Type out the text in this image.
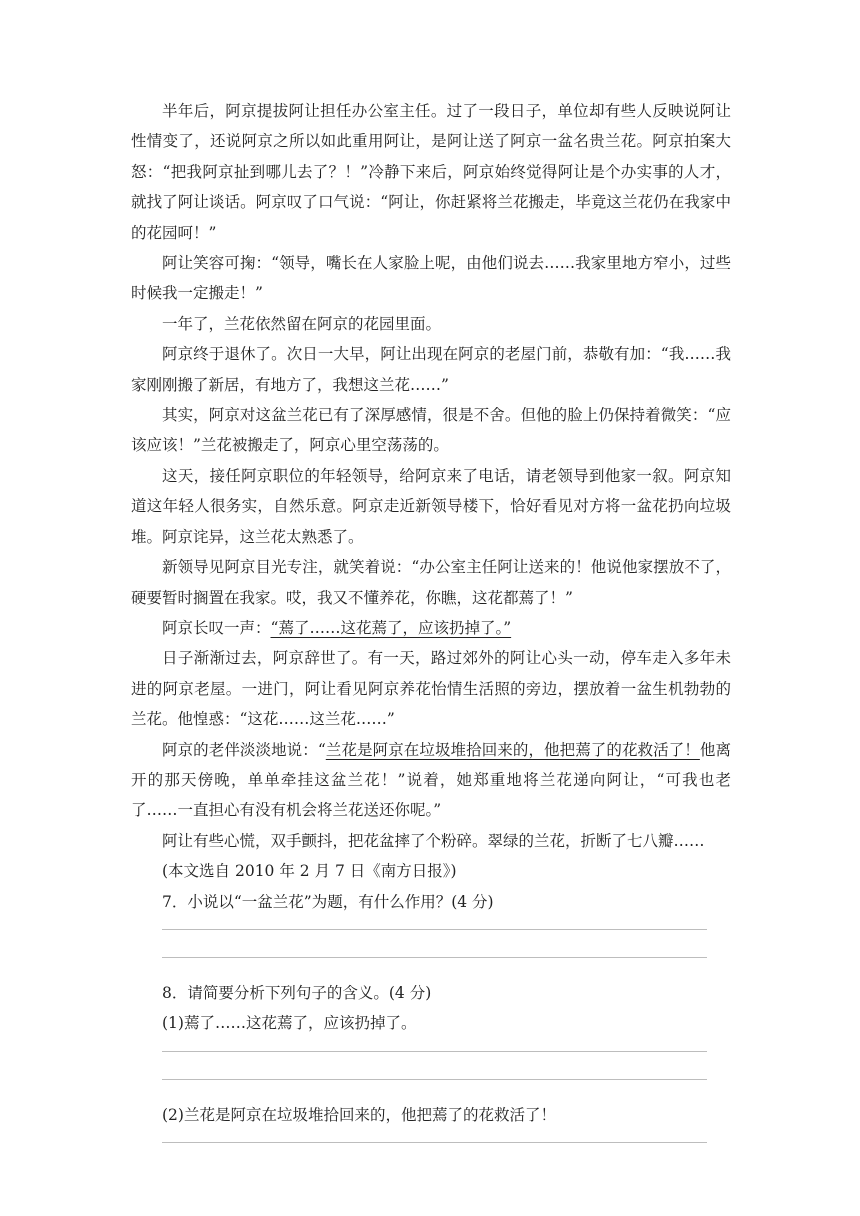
半年后，阿京提拔阿让担任办公室主任。过了一段日子，单位却有些人反映说阿让性情变了，还说阿京之所以如此重用阿让，是阿让送了阿京一盆名贵兰花。阿京拍案大怒：“把我阿京扯到哪儿去了？！”冷静下来后，阿京始终觉得阿让是个办实事的人才，就找了阿让谈话。阿京叹了口气说：“阿让，你赶紧将兰花搬走，毕竟这兰花仍在我家中的花园呵！”

阿让笑容可掬：“领导，嘴长在人家脸上呢，由他们说去……我家里地方窄小，过些时候我一定搬走！”

一年了，兰花依然留在阿京的花园里面。

阿京终于退休了。次日一大早，阿让出现在阿京的老屋门前，恭敬有加：“我……我家刚刚搬了新居，有地方了，我想这兰花……”

其实，阿京对这盆兰花已有了深厚感情，很是不舍。但他的脸上仍保持着微笑：“应该应该！”兰花被搬走了，阿京心里空荡荡的。

这天，接任阿京职位的年轻领导，给阿京来了电话，请老领导到他家一叙。阿京知道这年轻人很务实，自然乐意。阿京走近新领导楼下，恰好看见对方将一盆花扔向垃圾堆。阿京诧异，这兰花太熟悉了。

新领导见阿京目光专注，就笑着说：“办公室主任阿让送来的！他说他家摆放不了，硬要暂时搁置在我家。哎，我又不懂养花，你瞧，这花都蔫了！”

阿京长叹一声：“蔫了……这花蔫了，应该扔掉了。”

日子渐渐过去，阿京辞世了。有一天，路过郊外的阿让心头一动，停车走入多年未进的阿京老屋。一进门，阿让看见阿京养花怡情生活照的旁边，摆放着一盆生机勃勃的兰花。他惶惑：“这花……这兰花……”

阿京的老伴淡淡地说：“兰花是阿京在垃圾堆拾回来的，他把蔫了的花救活了！他离开的那天傍晚，单单牵挂这盆兰花！”说着，她郑重地将兰花递向阿让，“可我也老了……一直担心有没有机会将兰花送还你呢。”

阿让有些心慌，双手颤抖，把花盆摔了个粉碎。翠绿的兰花，折断了七八瓣……

(本文选自 2010 年 2 月 7 日《南方日报》)

7．小说以“一盆兰花”为题，有什么作用？(4 分)

8．请简要分析下列句子的含义。(4 分)

(1)蔫了……这花蔫了，应该扔掉了。

(2)兰花是阿京在垃圾堆拾回来的，他把蔫了的花救活了！
